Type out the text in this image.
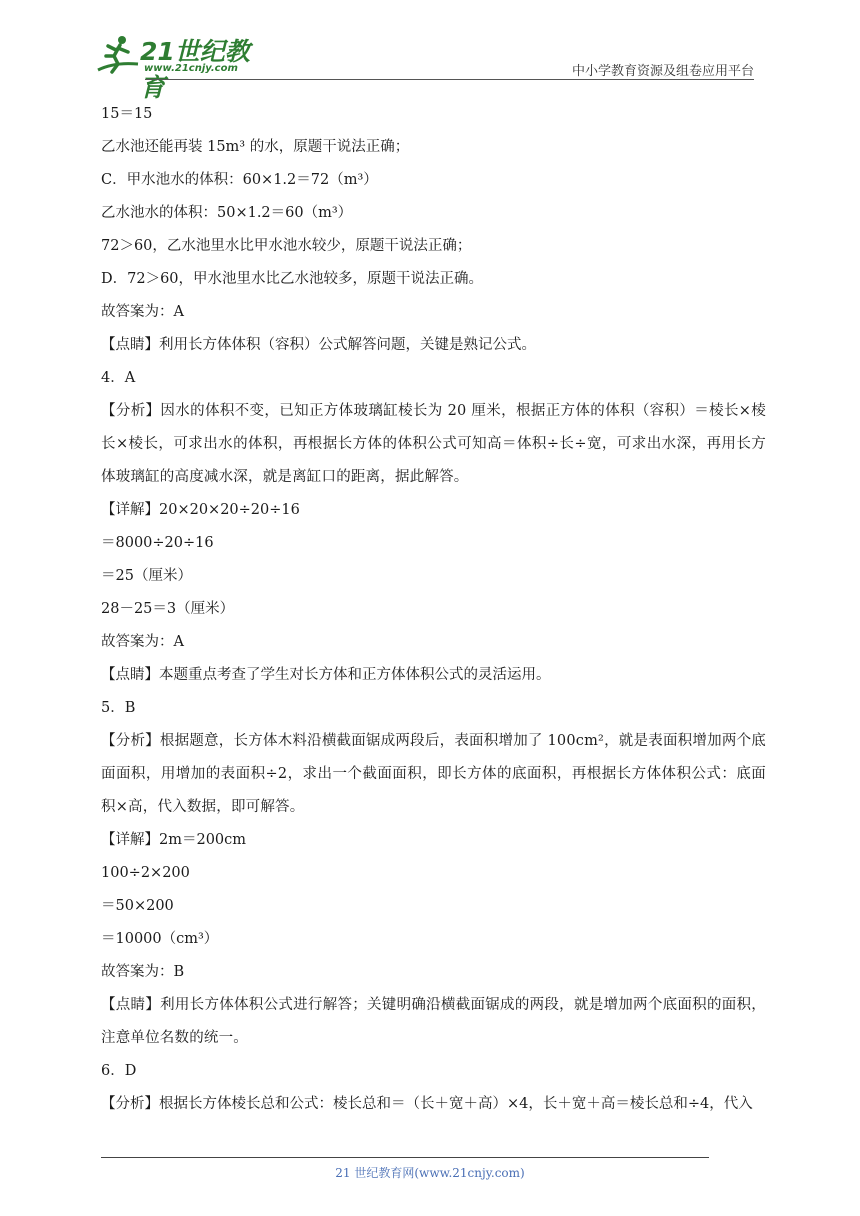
21世纪教育
www.21cnjy.com	中小学教育资源及组卷应用平台
15＝15
乙水池还能再装 15m³ 的水，原题干说法正确；
C．甲水池水的体积：60×1.2＝72（m³）
乙水池水的体积：50×1.2＝60（m³）
72＞60，乙水池里水比甲水池水较少，原题干说法正确；
D．72＞60，甲水池里水比乙水池较多，原题干说法正确。
故答案为：A
【点睛】利用长方体体积（容积）公式解答问题，关键是熟记公式。
4．A
【分析】因水的体积不变，已知正方体玻璃缸棱长为 20 厘米，根据正方体的体积（容积）＝棱长×棱长×棱长，可求出水的体积，再根据长方体的体积公式可知高＝体积÷长÷宽，可求出水深，再用长方体玻璃缸的高度减水深，就是离缸口的距离，据此解答。
【详解】20×20×20÷20÷16
＝8000÷20÷16
＝25（厘米）
28－25＝3（厘米）
故答案为：A
【点睛】本题重点考查了学生对长方体和正方体体积公式的灵活运用。
5．B
【分析】根据题意，长方体木料沿横截面锯成两段后，表面积增加了 100cm²，就是表面积增加两个底面面积，用增加的表面积÷2，求出一个截面面积，即长方体的底面积，再根据长方体体积公式：底面积×高，代入数据，即可解答。
【详解】2m＝200cm
100÷2×200
＝50×200
＝10000（cm³）
故答案为：B
【点睛】利用长方体体积公式进行解答；关键明确沿横截面锯成的两段，就是增加两个底面积的面积，注意单位名数的统一。
6．D
【分析】根据长方体棱长总和公式：棱长总和＝（长＋宽＋高）×4，长＋宽＋高＝棱长总和÷4，代入
21 世纪教育网(www.21cnjy.com)
